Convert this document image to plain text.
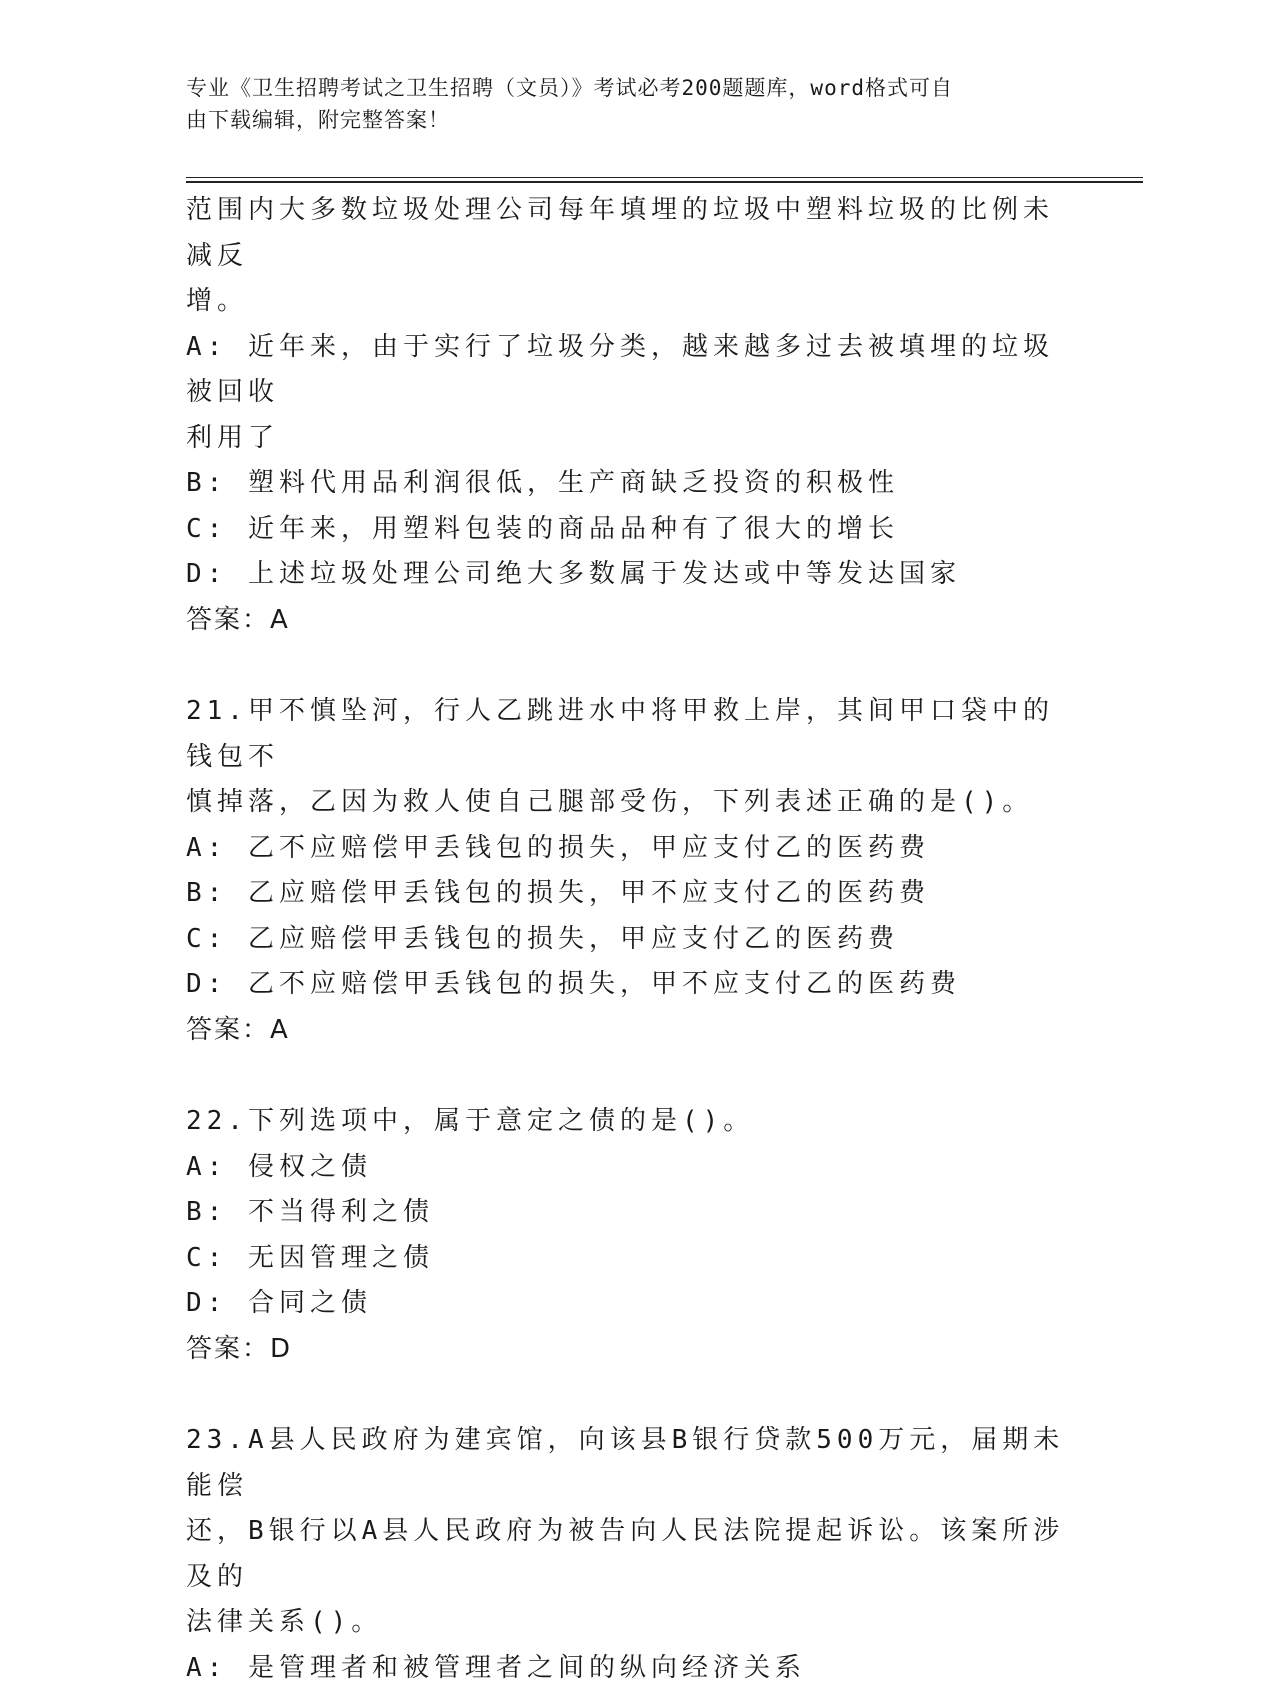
专业《卫生招聘考试之卫生招聘（文员）》考试必考200题题库，word格式可自
由下载编辑，附完整答案！
范围内大多数垃圾处理公司每年填埋的垃圾中塑料垃圾的比例未减反
增。
A: 近年来，由于实行了垃圾分类，越来越多过去被填埋的垃圾被回收
利用了
B: 塑料代用品利润很低，生产商缺乏投资的积极性
C: 近年来，用塑料包装的商品品种有了很大的增长
D: 上述垃圾处理公司绝大多数属于发达或中等发达国家
答案：A
21.甲不慎坠河，行人乙跳进水中将甲救上岸，其间甲口袋中的钱包不
慎掉落，乙因为救人使自己腿部受伤，下列表述正确的是()。
A: 乙不应赔偿甲丢钱包的损失，甲应支付乙的医药费
B: 乙应赔偿甲丢钱包的损失，甲不应支付乙的医药费
C: 乙应赔偿甲丢钱包的损失，甲应支付乙的医药费
D: 乙不应赔偿甲丢钱包的损失，甲不应支付乙的医药费
答案：A
22.下列选项中，属于意定之债的是()。
A: 侵权之债
B: 不当得利之债
C: 无因管理之债
D: 合同之债
答案：D
23.A县人民政府为建宾馆，向该县B银行贷款500万元，届期未能偿
还，B银行以A县人民政府为被告向人民法院提起诉讼。该案所涉及的
法律关系()。
A: 是管理者和被管理者之间的纵向经济关系
